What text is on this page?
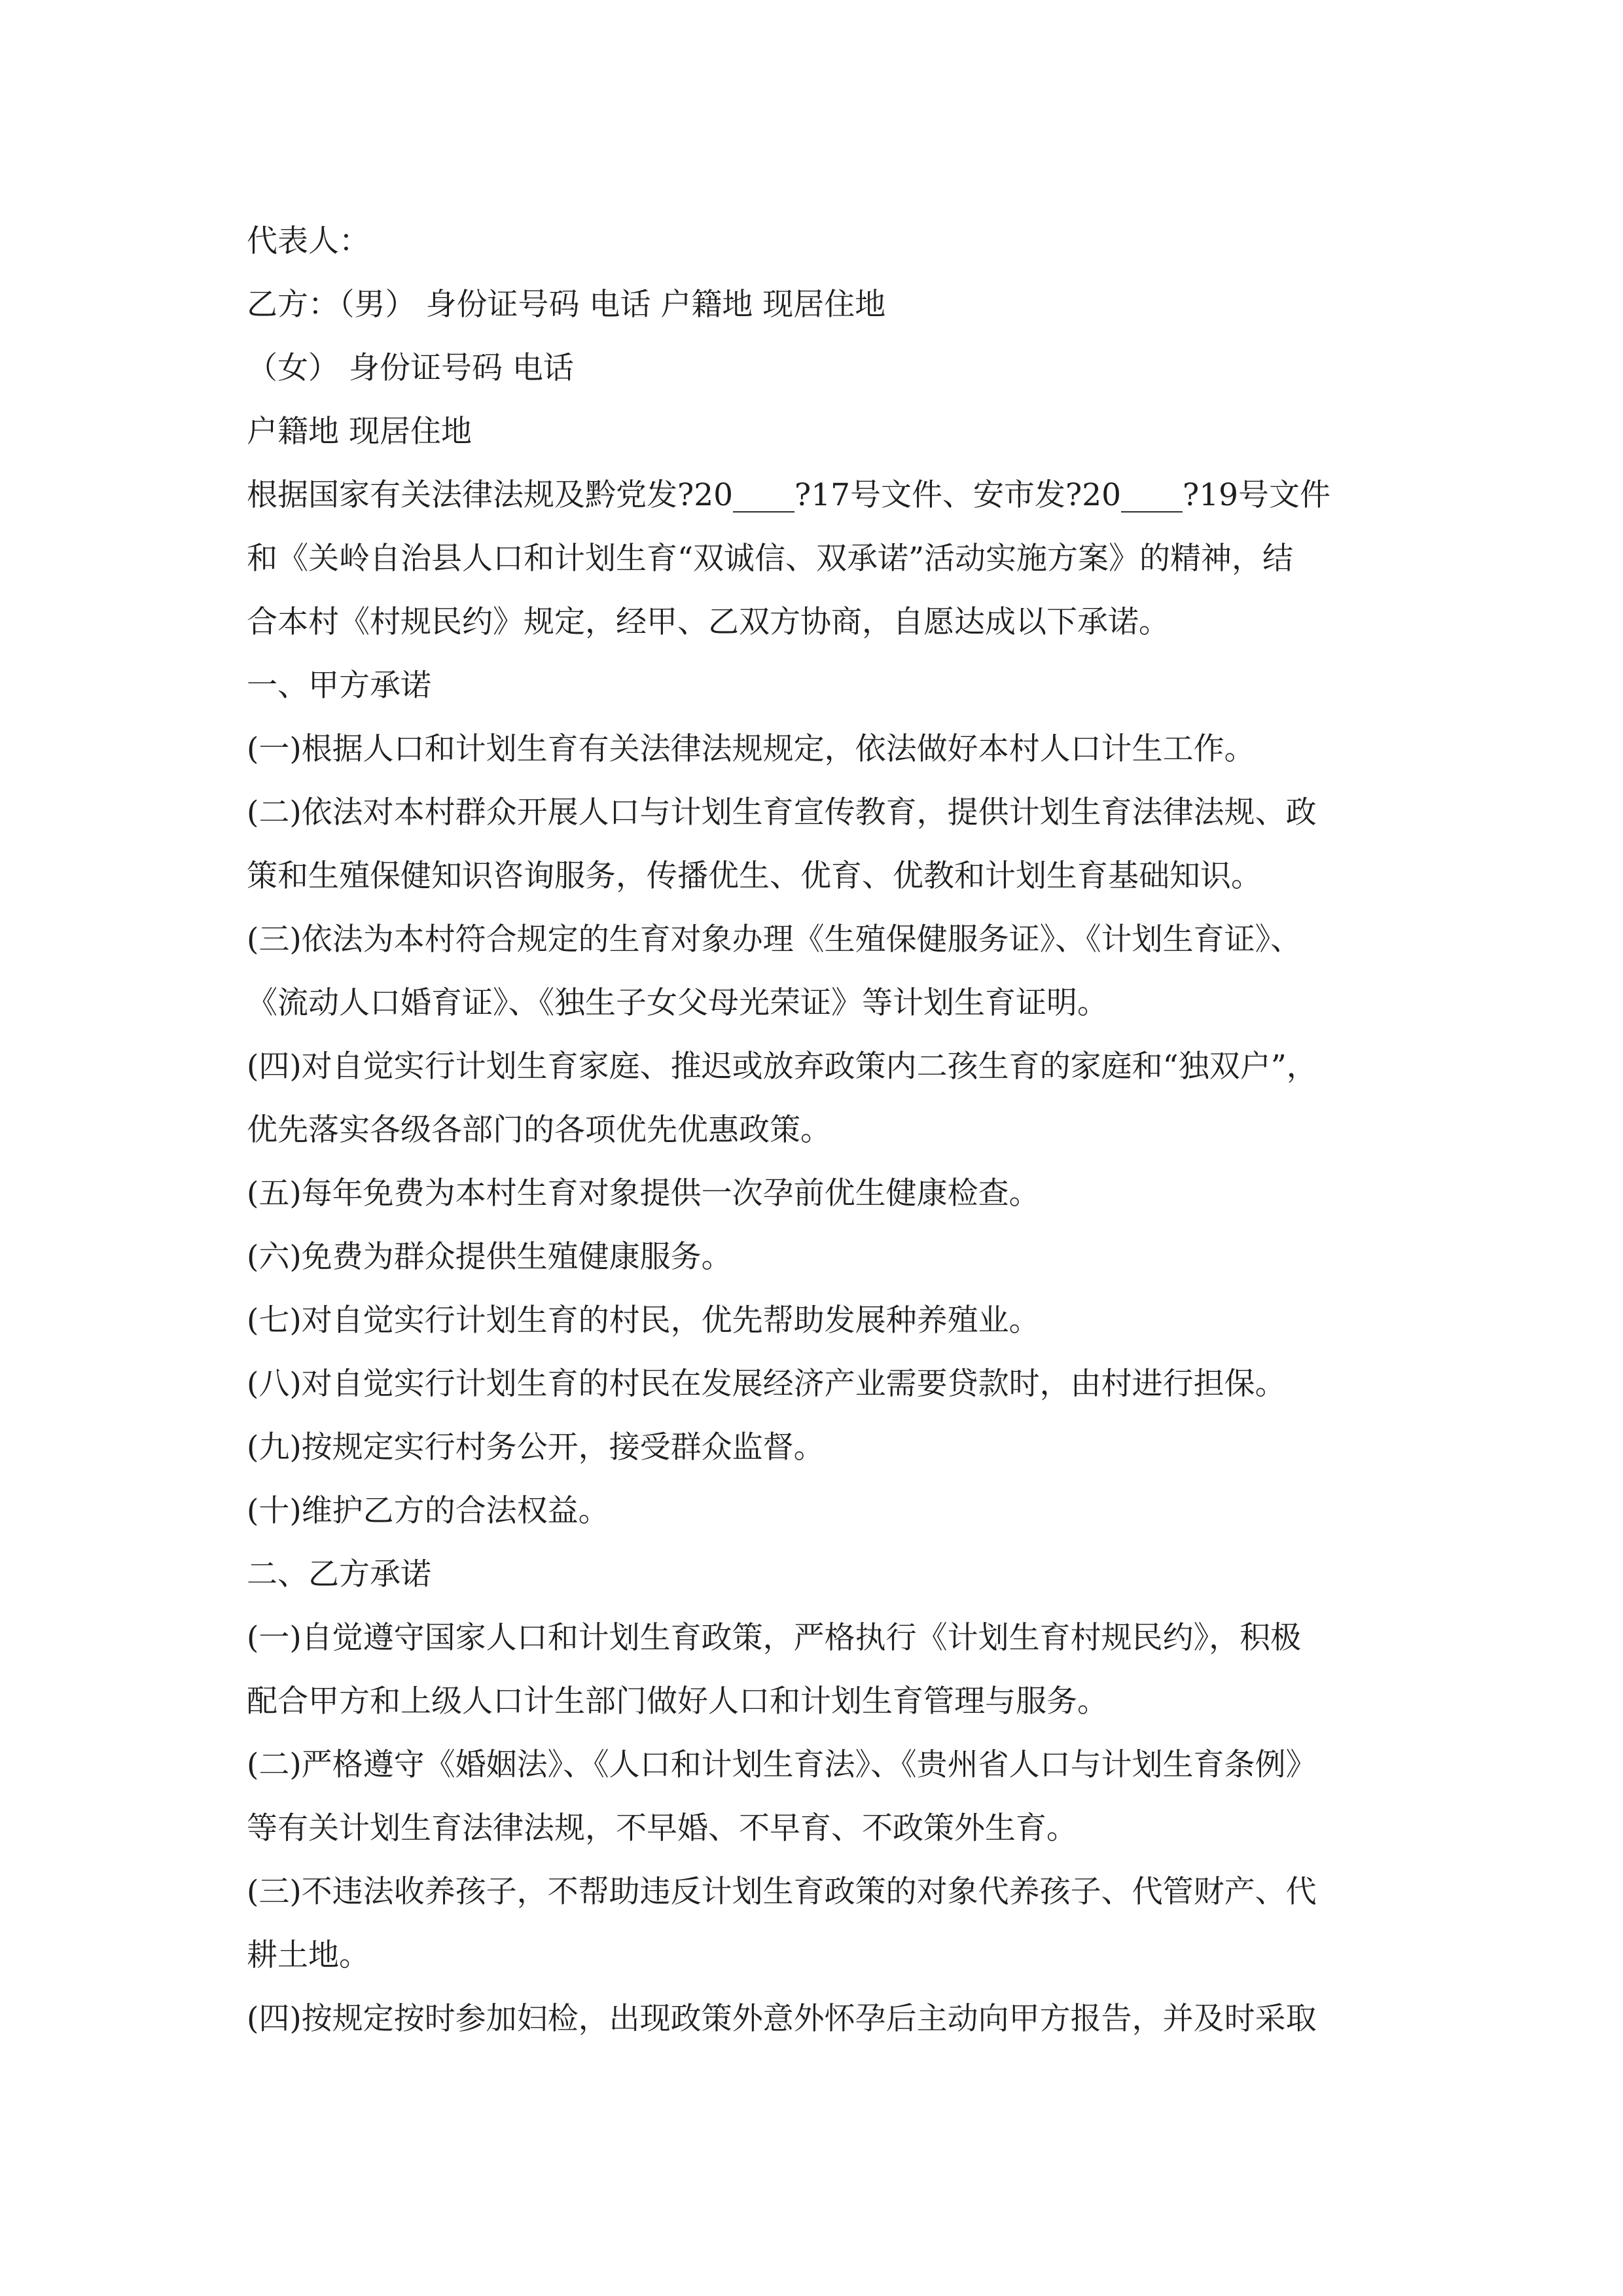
代表人：
乙方：（男） 身份证号码 电话 户籍地 现居住地
（女） 身份证号码 电话
户籍地 现居住地
根据国家有关法律法规及黔党发?20____?17号文件、安市发?20____?19号文件
和《关岭自治县人口和计划生育“双诚信、双承诺”活动实施方案》的精神，结
合本村《村规民约》规定，经甲、乙双方协商，自愿达成以下承诺。
一、甲方承诺
(一)根据人口和计划生育有关法律法规规定，依法做好本村人口计生工作。
(二)依法对本村群众开展人口与计划生育宣传教育，提供计划生育法律法规、政
策和生殖保健知识咨询服务，传播优生、优育、优教和计划生育基础知识。
(三)依法为本村符合规定的生育对象办理《生殖保健服务证》、《计划生育证》、
《流动人口婚育证》、《独生子女父母光荣证》等计划生育证明。
(四)对自觉实行计划生育家庭、推迟或放弃政策内二孩生育的家庭和“独双户”，
优先落实各级各部门的各项优先优惠政策。
(五)每年免费为本村生育对象提供一次孕前优生健康检查。
(六)免费为群众提供生殖健康服务。
(七)对自觉实行计划生育的村民，优先帮助发展种养殖业。
(八)对自觉实行计划生育的村民在发展经济产业需要贷款时，由村进行担保。
(九)按规定实行村务公开，接受群众监督。
(十)维护乙方的合法权益。
二、乙方承诺
(一)自觉遵守国家人口和计划生育政策，严格执行《计划生育村规民约》，积极
配合甲方和上级人口计生部门做好人口和计划生育管理与服务。
(二)严格遵守《婚姻法》、《人口和计划生育法》、《贵州省人口与计划生育条例》
等有关计划生育法律法规，不早婚、不早育、不政策外生育。
(三)不违法收养孩子，不帮助违反计划生育政策的对象代养孩子、代管财产、代
耕土地。
(四)按规定按时参加妇检，出现政策外意外怀孕后主动向甲方报告，并及时采取
